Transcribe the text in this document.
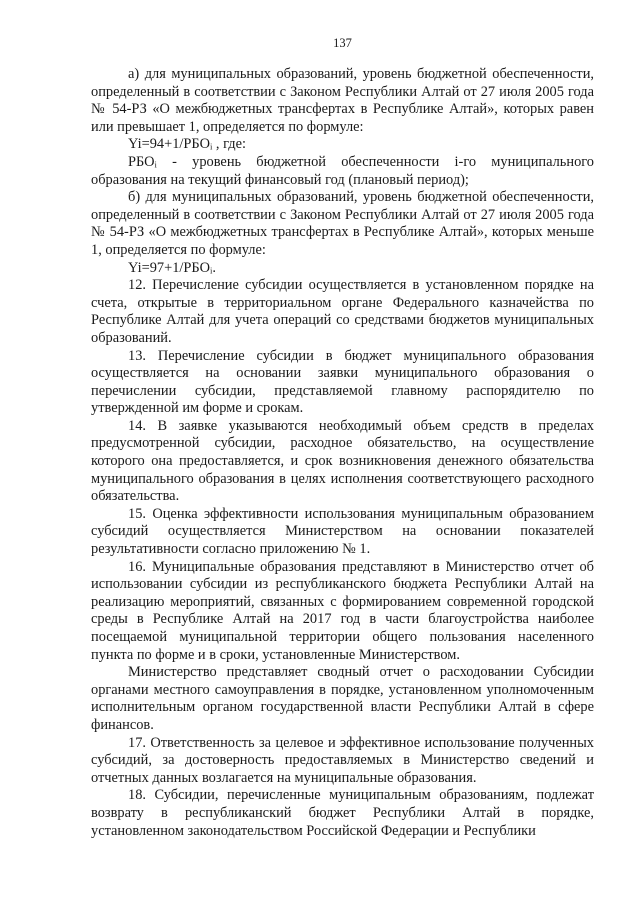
137

а) для муниципальных образований, уровень бюджетной обеспеченности, определенный в соответствии с Законом Республики Алтай от 27 июля 2005 года № 54-РЗ «О межбюджетных трансфертах в Республике Алтай», которых равен или превышает 1, определяется по формуле:

Yi=94+1/РБОᵢ , где:

РБОᵢ - уровень бюджетной обеспеченности i-го муниципального образования на текущий финансовый год (плановый период);

б) для муниципальных образований, уровень бюджетной обеспеченности, определенный в соответствии с Законом Республики Алтай от 27 июля 2005 года № 54-РЗ «О межбюджетных трансфертах в Республике Алтай», которых меньше 1, определяется по формуле:

Yi=97+1/РБОᵢ.

12. Перечисление субсидии осуществляется в установленном порядке на счета, открытые в территориальном органе Федерального казначейства по Республике Алтай для учета операций со средствами бюджетов муниципальных образований.

13. Перечисление субсидии в бюджет муниципального образования осуществляется на основании заявки муниципального образования о перечислении субсидии, представляемой главному распорядителю по утвержденной им форме и срокам.

14. В заявке указываются необходимый объем средств в пределах предусмотренной субсидии, расходное обязательство, на осуществление которого она предоставляется, и срок возникновения денежного обязательства муниципального образования в целях исполнения соответствующего расходного обязательства.

15. Оценка эффективности использования муниципальным образованием субсидий осуществляется Министерством на основании показателей результативности согласно приложению № 1.

16. Муниципальные образования представляют в Министерство отчет об использовании субсидии из республиканского бюджета Республики Алтай на реализацию мероприятий, связанных с формированием современной городской среды в Республике Алтай на 2017 год в части благоустройства наиболее посещаемой муниципальной территории общего пользования населенного пункта по форме и в сроки, установленные Министерством.

Министерство представляет сводный отчет о расходовании Субсидии органами местного самоуправления в порядке, установленном уполномоченным исполнительным органом государственной власти Республики Алтай в сфере финансов.

17. Ответственность за целевое и эффективное использование полученных субсидий, за достоверность предоставляемых в Министерство сведений и отчетных данных возлагается на муниципальные образования.

18. Субсидии, перечисленные муниципальным образованиям, подлежат возврату в республиканский бюджет Республики Алтай в порядке, установленном законодательством Российской Федерации и Республики
